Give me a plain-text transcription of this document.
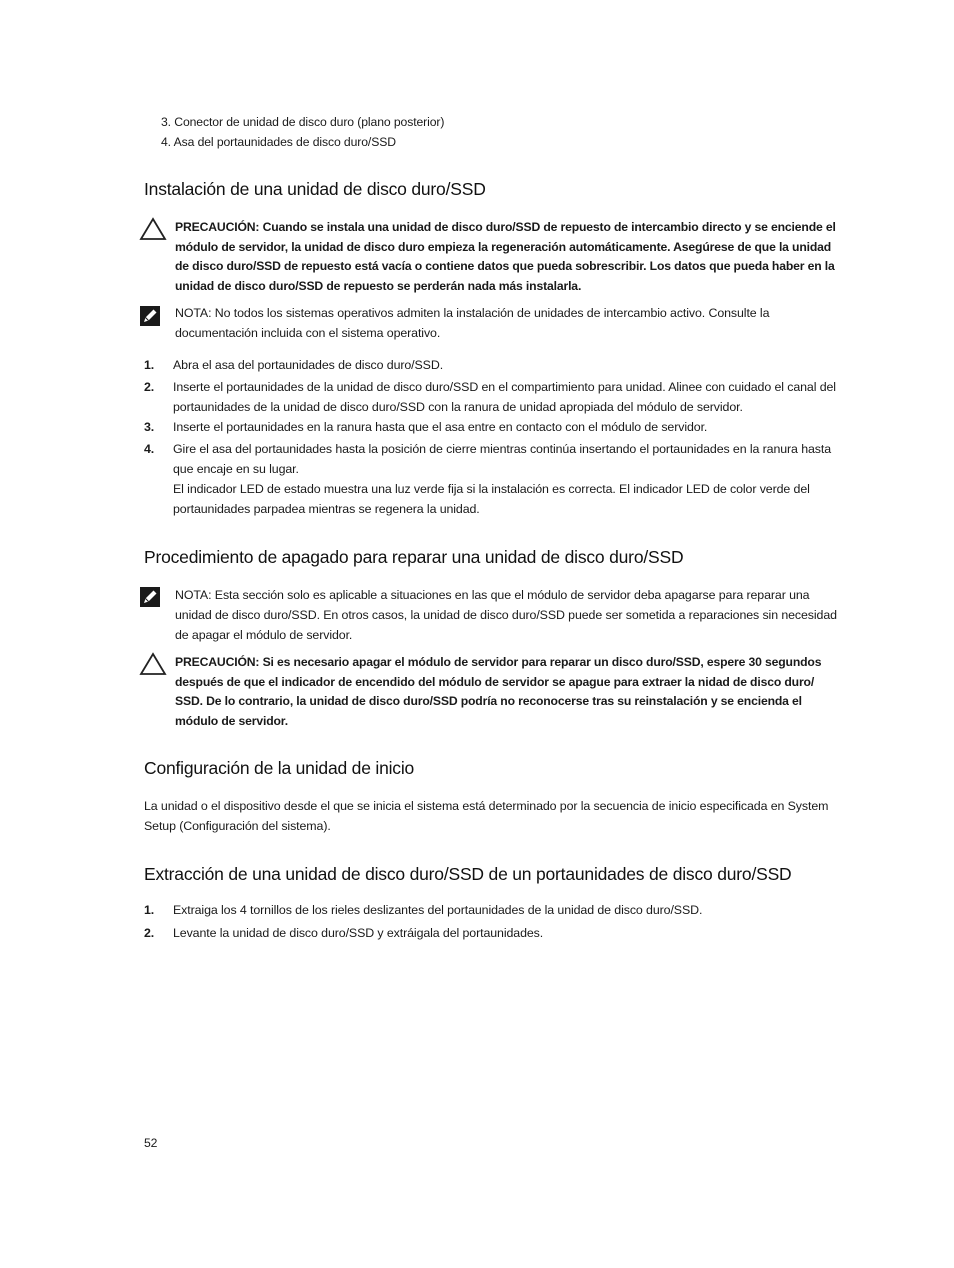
3. Conector de unidad de disco duro (plano posterior)
4. Asa del portaunidades de disco duro/SSD
Instalación de una unidad de disco duro/SSD

PRECAUCIÓN: Cuando se instala una unidad de disco duro/SSD de repuesto de intercambio directo y se enciende el módulo de servidor, la unidad de disco duro empieza la regeneración automáticamente. Asegúrese de que la unidad de disco duro/SSD de repuesto está vacía o contiene datos que pueda sobrescribir. Los datos que pueda haber en la unidad de disco duro/SSD de repuesto se perderán nada más instalarla.

NOTA: No todos los sistemas operativos admiten la instalación de unidades de intercambio activo. Consulte la documentación incluida con el sistema operativo.

1. Abra el asa del portaunidades de disco duro/SSD.
2. Inserte el portaunidades de la unidad de disco duro/SSD en el compartimiento para unidad. Alinee con cuidado el canal del portaunidades de la unidad de disco duro/SSD con la ranura de unidad apropiada del módulo de servidor.
3. Inserte el portaunidades en la ranura hasta que el asa entre en contacto con el módulo de servidor.
4. Gire el asa del portaunidades hasta la posición de cierre mientras continúa insertando el portaunidades en la ranura hasta que encaje en su lugar.

El indicador LED de estado muestra una luz verde fija si la instalación es correcta. El indicador LED de color verde del portaunidades parpadea mientras se regenera la unidad.

Procedimiento de apagado para reparar una unidad de disco duro/SSD

NOTA: Esta sección solo es aplicable a situaciones en las que el módulo de servidor deba apagarse para reparar una unidad de disco duro/SSD. En otros casos, la unidad de disco duro/SSD puede ser sometida a reparaciones sin necesidad de apagar el módulo de servidor.

PRECAUCIÓN: Si es necesario apagar el módulo de servidor para reparar un disco duro/SSD, espere 30 segundos después de que el indicador de encendido del módulo de servidor se apague para extraer la nidad de disco duro/ SSD. De lo contrario, la unidad de disco duro/SSD podría no reconocerse tras su reinstalación y se encienda el módulo de servidor.

Configuración de la unidad de inicio

La unidad o el dispositivo desde el que se inicia el sistema está determinado por la secuencia de inicio especificada en System Setup (Configuración del sistema).

Extracción de una unidad de disco duro/SSD de un portaunidades de disco duro/SSD
1. Extraiga los 4 tornillos de los rieles deslizantes del portaunidades de la unidad de disco duro/SSD.
2. Levante la unidad de disco duro/SSD y extráigala del portaunidades.
52
